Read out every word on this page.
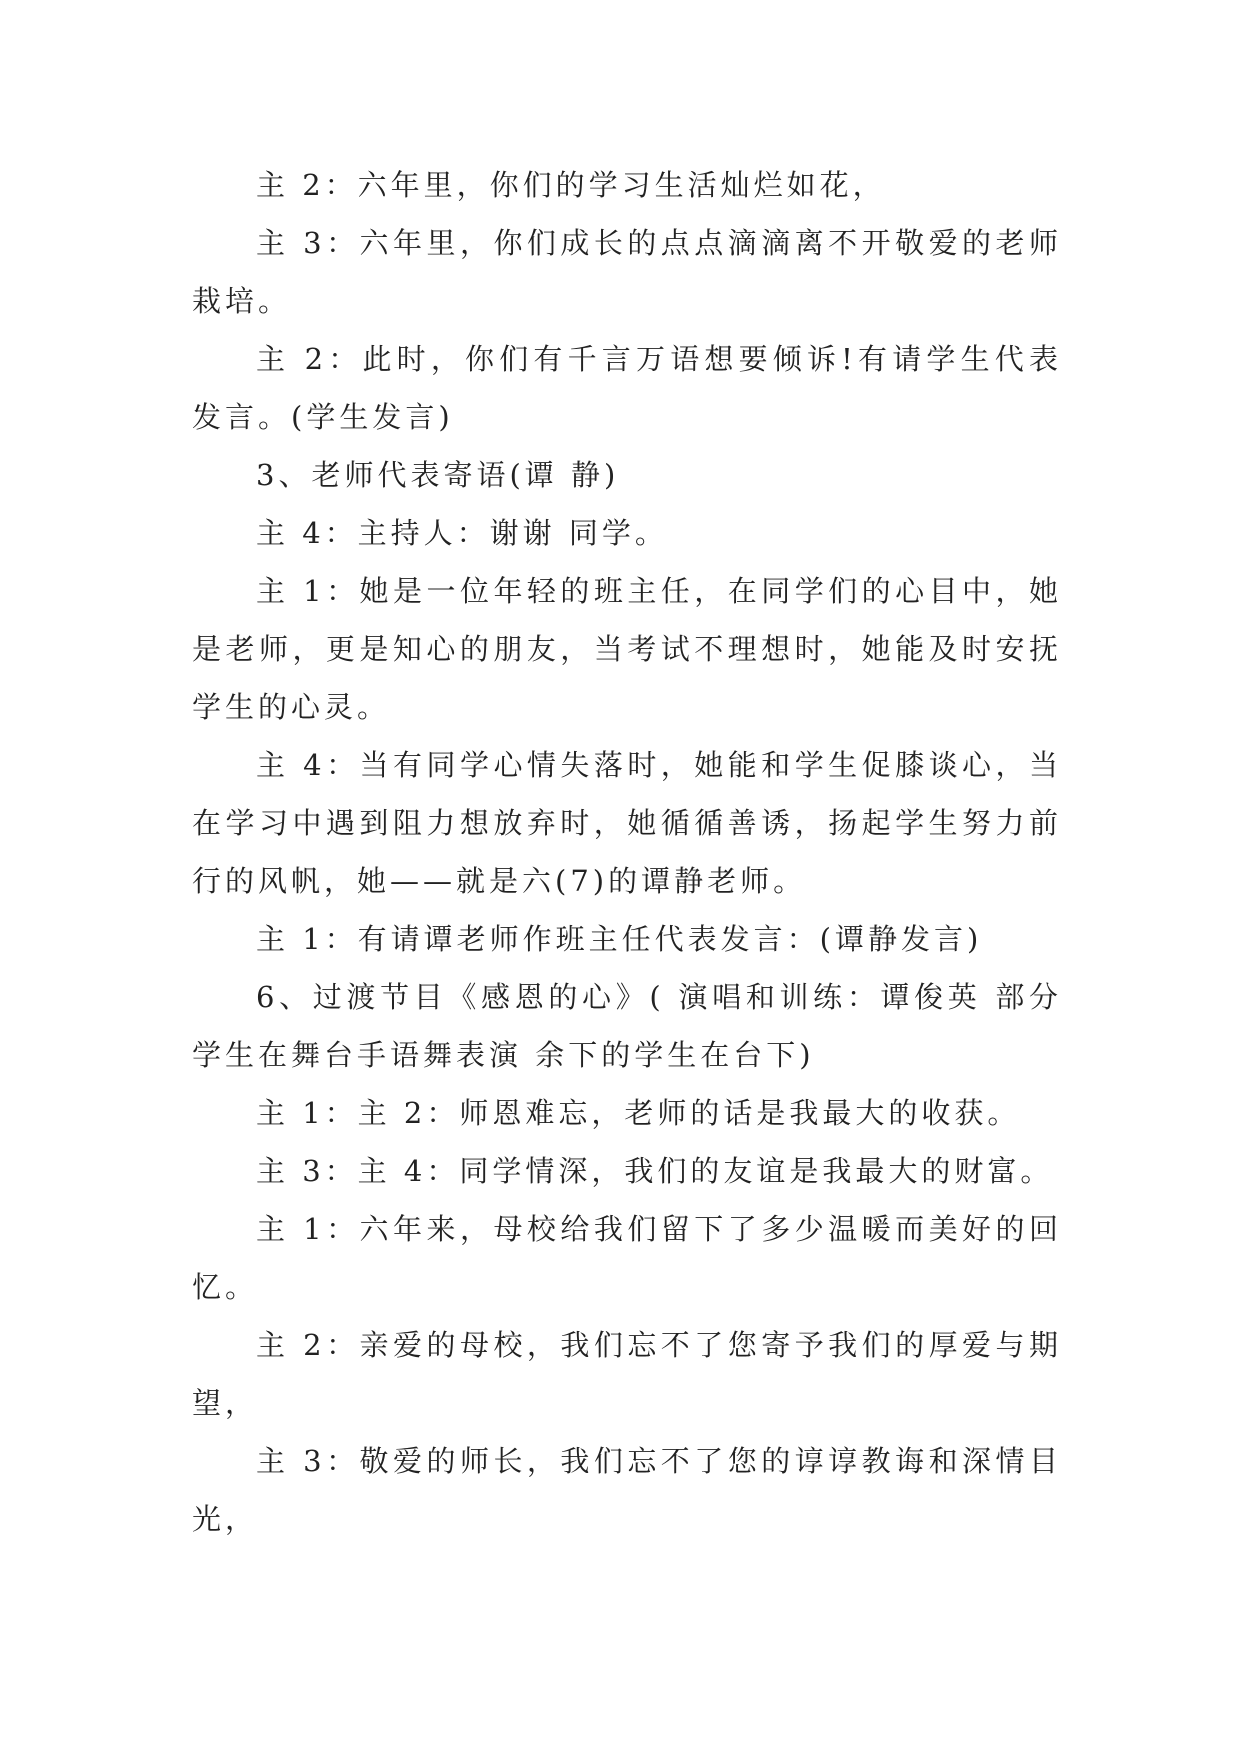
主 2：六年里，你们的学习生活灿烂如花，

主 3：六年里，你们成长的点点滴滴离不开敬爱的老师栽培。

主 2：此时，你们有千言万语想要倾诉!有请学生代表发言。(学生发言)

3、老师代表寄语(谭 静)

主 4：主持人：谢谢 同学。

主 1：她是一位年轻的班主任，在同学们的心目中，她是老师，更是知心的朋友，当考试不理想时，她能及时安抚学生的心灵。

主 4：当有同学心情失落时，她能和学生促膝谈心，当在学习中遇到阻力想放弃时，她循循善诱，扬起学生努力前行的风帆，她——就是六(7)的谭静老师。

主 1：有请谭老师作班主任代表发言：(谭静发言)

6、过渡节目《感恩的心》( 演唱和训练：谭俊英 部分学生在舞台手语舞表演 余下的学生在台下)

主 1：主 2：师恩难忘，老师的话是我最大的收获。

主 3：主 4：同学情深，我们的友谊是我最大的财富。

主 1：六年来，母校给我们留下了多少温暖而美好的回忆。

主 2：亲爱的母校，我们忘不了您寄予我们的厚爱与期望，

主 3：敬爱的师长，我们忘不了您的谆谆教诲和深情目光，
